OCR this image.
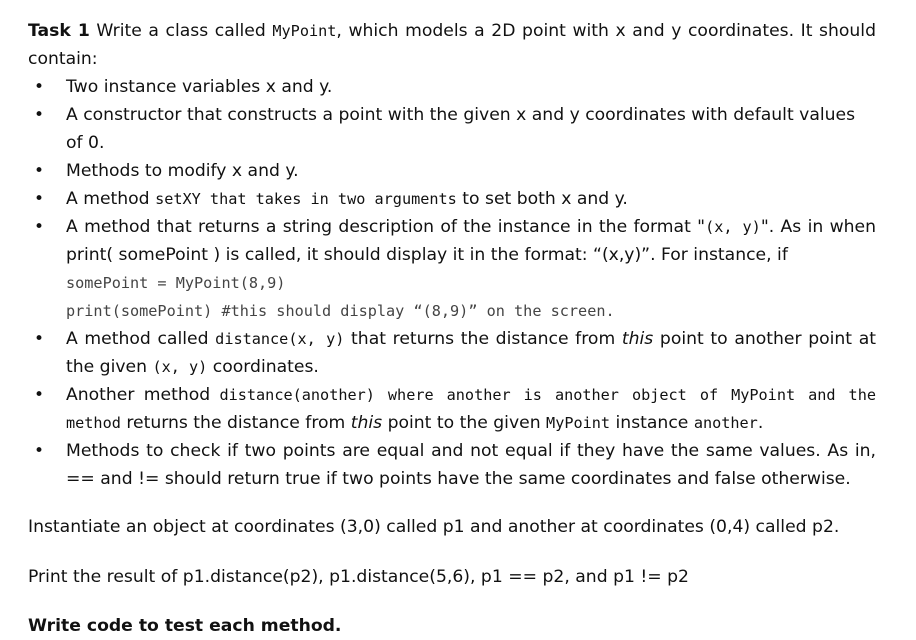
Task 1 Write a class called MyPoint, which models a 2D point with x and y coordinates. It should contain:

• Two instance variables x and y.
• A constructor that constructs a point with the given x and y coordinates with default values of 0.
• Methods to modify x and y.
• A method setXY that takes in two arguments to set both x and y.
• A method that returns a string description of the instance in the format "(x, y)". As in when print( somePoint ) is called, it should display it in the format: “(x,y)”. For instance, if
somePoint = MyPoint(8,9)
print(somePoint) #this should display “(8,9)” on the screen.
• A method called distance(x, y) that returns the distance from this point to another point at the given (x, y) coordinates.
• Another method distance(another) where another is another object of MyPoint and the method returns the distance from this point to the given MyPoint instance another.
• Methods to check if two points are equal and not equal if they have the same values. As in, == and != should return true if two points have the same coordinates and false otherwise.

Instantiate an object at coordinates (3,0) called p1 and another at coordinates (0,4) called p2.

Print the result of p1.distance(p2), p1.distance(5,6), p1 == p2, and p1 != p2

Write code to test each method.
